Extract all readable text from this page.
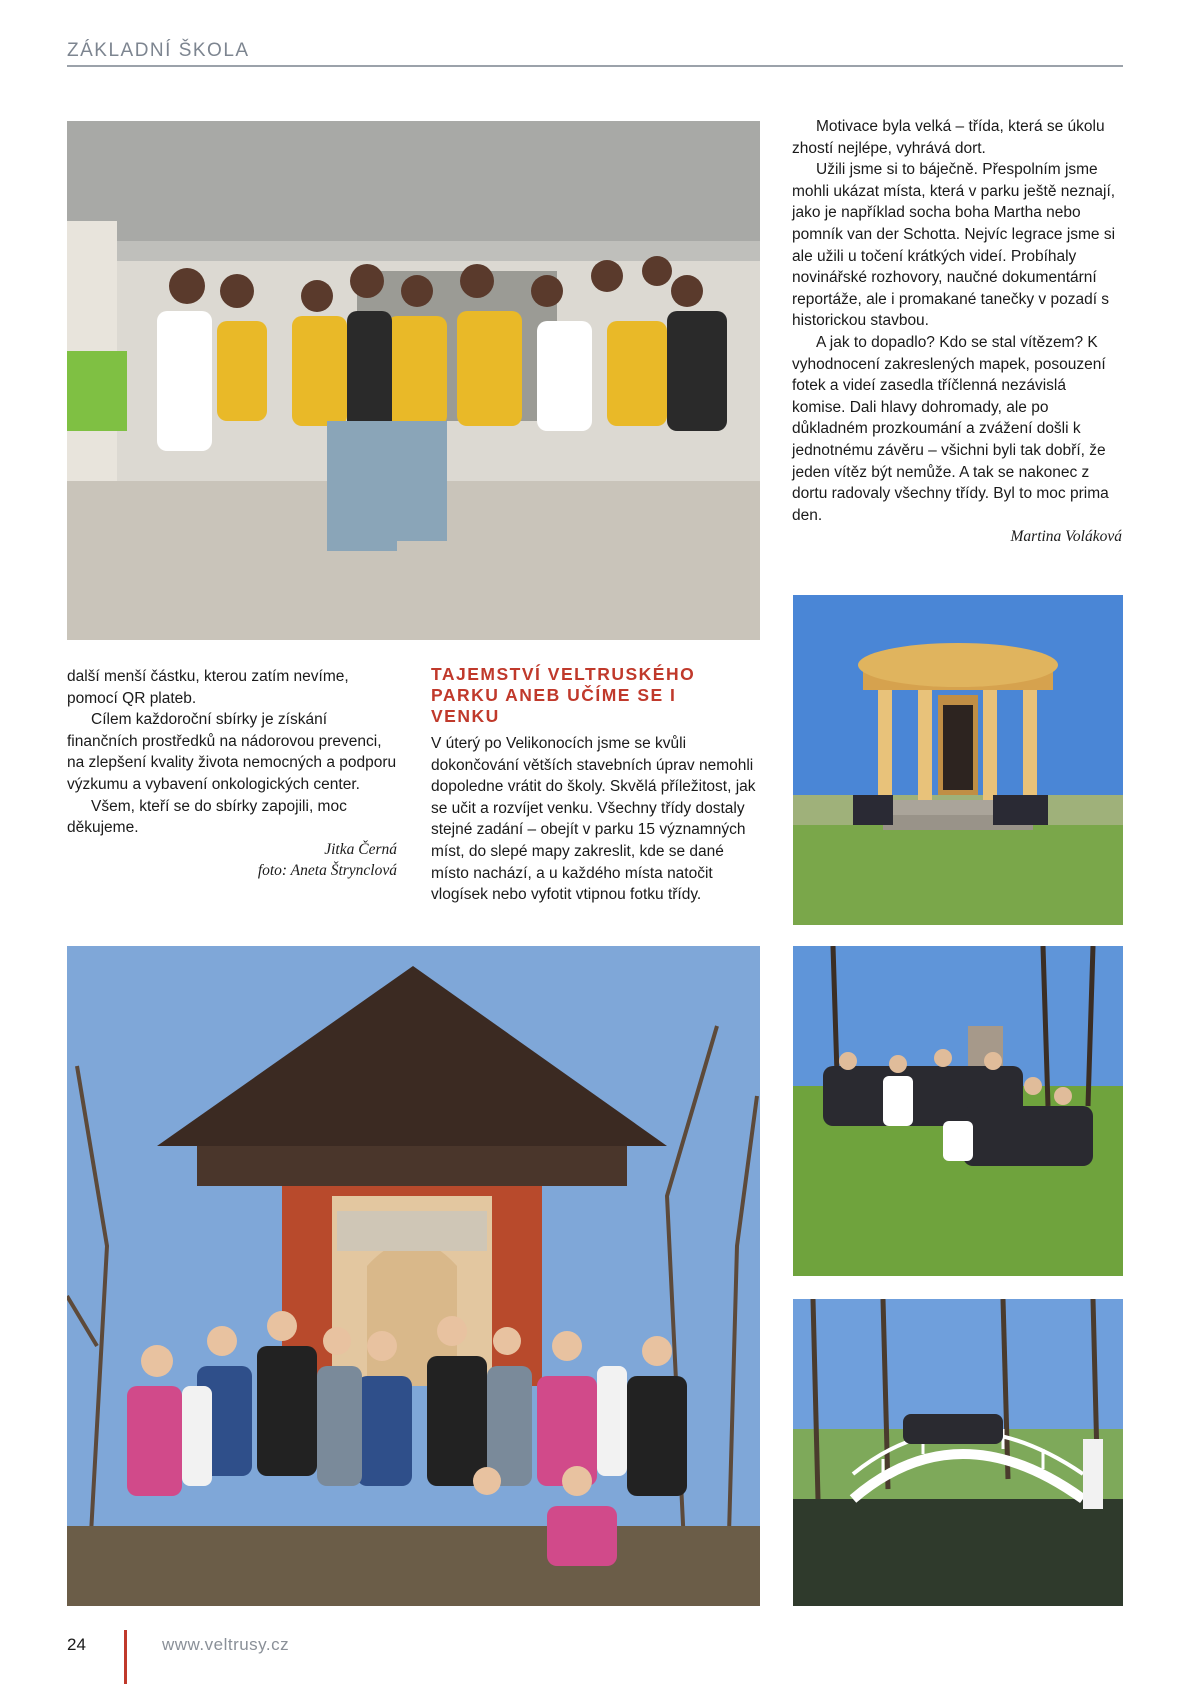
ZÁKLADNÍ ŠKOLA

Motivace byla velká – třída, která se úkolu zhostí nejlépe, vyhrává dort.

Užili jsme si to báječně. Přespolním jsme mohli ukázat místa, která v parku ještě neznají, jako je například socha boha Martha nebo pomník van der Schotta. Nejvíc legrace jsme si ale užili u točení krátkých videí. Probíhaly novinářské rozhovory, naučné dokumentární reportáže, ale i promakané tanečky v pozadí s historickou stavbou.

A jak to dopadlo? Kdo se stal vítězem? K vyhodnocení zakreslených mapek, posouzení fotek a videí zasedla tříčlenná nezávislá komise. Dali hlavy dohromady, ale po důkladném prozkoumání a zvážení došli k jednotnému závěru – všichni byli tak dobří, že jeden vítěz být nemůže. A tak se nakonec z dortu radovaly všechny třídy. Byl to moc prima den.

Martina Voláková

další menší částku, kterou zatím nevíme, pomocí QR plateb.

Cílem každoroční sbírky je získání finančních prostředků na nádorovou prevenci, na zlepšení kvality života nemocných a podporu výzkumu a vybavení onkologických center.

Všem, kteří se do sbírky zapojili, moc děkujeme.

Jitka Černá
foto: Aneta Štrynclová
TAJEMSTVÍ VELTRUSKÉHO PARKU ANEB UČÍME SE I VENKU

V úterý po Velikonocích jsme se kvůli dokončování větších stavebních úprav nemohli dopoledne vrátit do školy. Skvělá příležitost, jak se učit a rozvíjet venku. Všechny třídy dostaly stejné zadání – obejít v parku 15 významných míst, do slepé mapy zakreslit, kde se dané místo nachází, a u každého místa natočit vlogísek nebo vyfotit vtipnou fotku třídy.

24	www.veltrusy.cz
